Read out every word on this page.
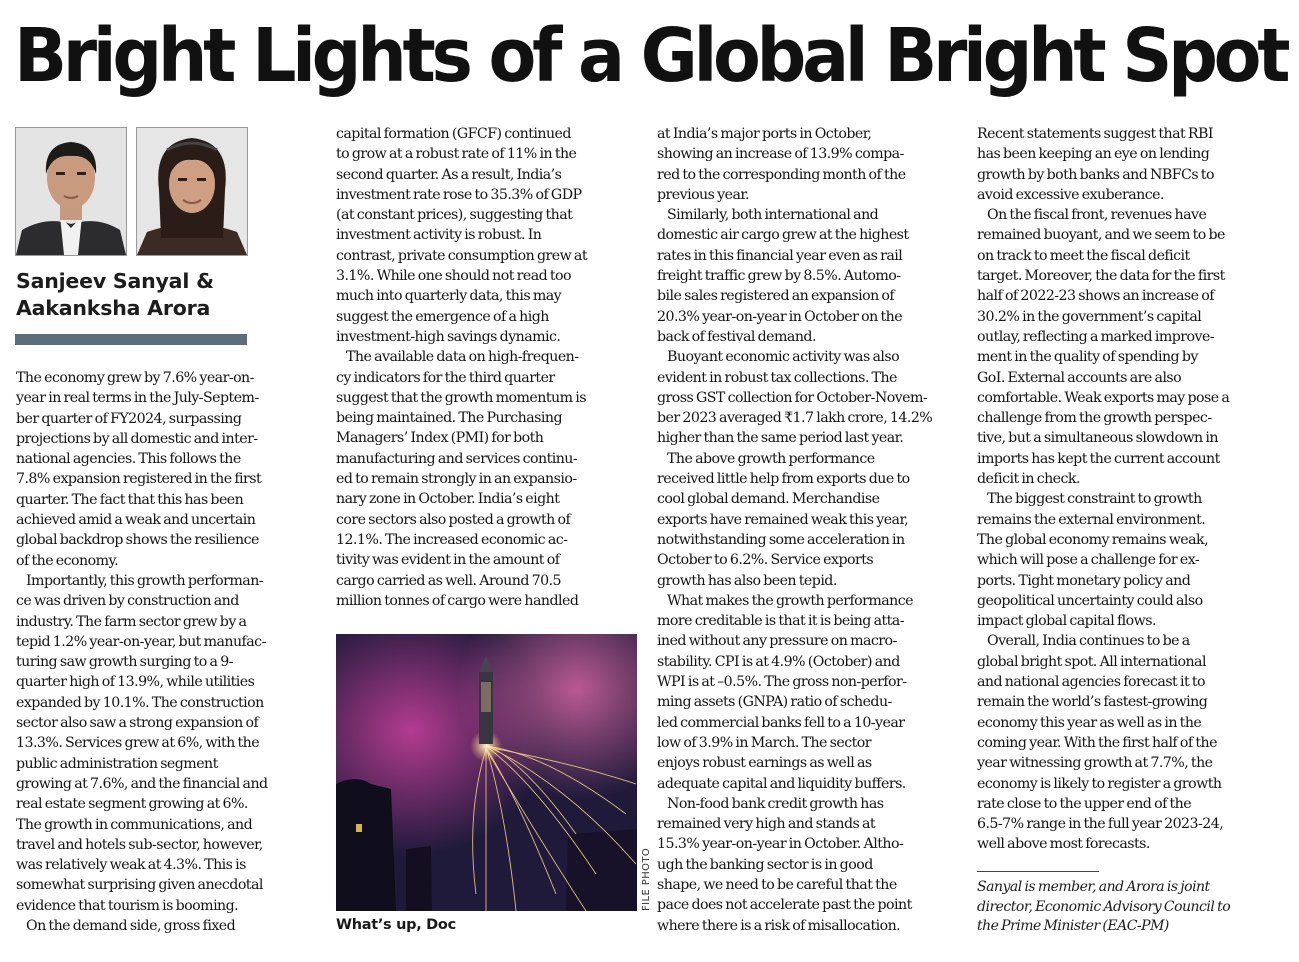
Bright Lights of a Global Bright Spot
Sanjeev Sanyal &
Aakanksha Arora

The economy grew by 7.6% year-on-

year in real terms in the July-Septem-

ber quarter of FY2024, surpassing

projections by all domestic and inter-

national agencies. This follows the

7.8% expansion registered in the first

quarter. The fact that this has been

achieved amid a weak and uncertain

global backdrop shows the resilience

of the economy.

Importantly, this growth performan-

ce was driven by construction and

industry. The farm sector grew by a

tepid 1.2% year-on-year, but manufac-

turing saw growth surging to a 9-

quarter high of 13.9%, while utilities

expanded by 10.1%. The construction

sector also saw a strong expansion of

13.3%. Services grew at 6%, with the

public administration segment

growing at 7.6%, and the financial and

real estate segment growing at 6%.

The growth in communications, and

travel and hotels sub-sector, however,

was relatively weak at 4.3%. This is

somewhat surprising given anecdotal

evidence that tourism is booming.

On the demand side, gross fixed

capital formation (GFCF) continued

to grow at a robust rate of 11% in the

second quarter. As a result, India’s

investment rate rose to 35.3% of GDP

(at constant prices), suggesting that

investment activity is robust. In

contrast, private consumption grew at

3.1%. While one should not read too

much into quarterly data, this may

suggest the emergence of a high

investment-high savings dynamic.

The available data on high-frequen-

cy indicators for the third quarter

suggest that the growth momentum is

being maintained. The Purchasing

Managers’ Index (PMI) for both

manufacturing and services continu-

ed to remain strongly in an expansio-

nary zone in October. India’s eight

core sectors also posted a growth of

12.1%. The increased economic ac-

tivity was evident in the amount of

cargo carried as well. Around 70.5

million tonnes of cargo were handled

at India’s major ports in October,

showing an increase of 13.9% compa-

red to the corresponding month of the

previous year.

Similarly, both international and

domestic air cargo grew at the highest

rates in this financial year even as rail

freight traffic grew by 8.5%. Automo-

bile sales registered an expansion of

20.3% year-on-year in October on the

back of festival demand.

Buoyant economic activity was also

evident in robust tax collections. The

gross GST collection for October-Novem-

ber 2023 averaged ₹1.7 lakh crore, 14.2%

higher than the same period last year.

The above growth performance

received little help from exports due to

cool global demand. Merchandise

exports have remained weak this year,

notwithstanding some acceleration in

October to 6.2%. Service exports

growth has also been tepid.

What makes the growth performance

more creditable is that it is being atta-

ined without any pressure on macro-

stability. CPI is at 4.9% (October) and

WPI is at –0.5%. The gross non-perfor-

ming assets (GNPA) ratio of schedu-

led commercial banks fell to a 10-year

low of 3.9% in March. The sector

enjoys robust earnings as well as

adequate capital and liquidity buffers.

Non-food bank credit growth has

remained very high and stands at

15.3% year-on-year in October. Altho-

ugh the banking sector is in good

shape, we need to be careful that the

pace does not accelerate past the point

where there is a risk of misallocation.

Recent statements suggest that RBI

has been keeping an eye on lending

growth by both banks and NBFCs to

avoid excessive exuberance.

On the fiscal front, revenues have

remained buoyant, and we seem to be

on track to meet the fiscal deficit

target. Moreover, the data for the first

half of 2022-23 shows an increase of

30.2% in the government’s capital

outlay, reflecting a marked improve-

ment in the quality of spending by

GoI. External accounts are also

comfortable. Weak exports may pose a

challenge from the growth perspec-

tive, but a simultaneous slowdown in

imports has kept the current account

deficit in check.

The biggest constraint to growth

remains the external environment.

The global economy remains weak,

which will pose a challenge for ex-

ports. Tight monetary policy and

geopolitical uncertainty could also

impact global capital flows.

Overall, India continues to be a

global bright spot. All international

and national agencies forecast it to

remain the world’s fastest-growing

economy this year as well as in the

coming year. With the first half of the

year witnessing growth at 7.7%, the

economy is likely to register a growth

rate close to the upper end of the

6.5-7% range in the full year 2023-24,

well above most forecasts.

FILE PHOTO
What’s up, Doc
Sanyal is member, and Arora is joint
director, Economic Advisory Council to
the Prime Minister (EAC-PM)
